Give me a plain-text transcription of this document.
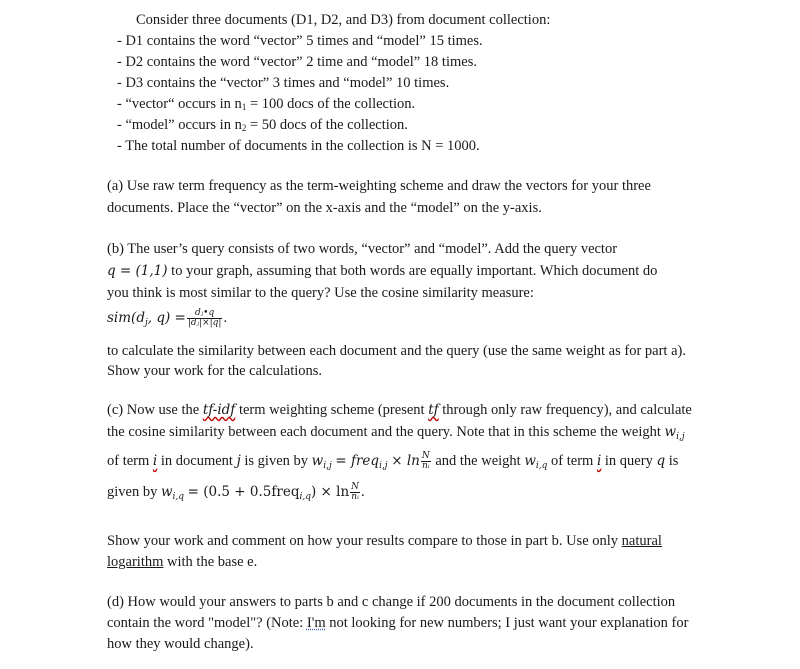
Consider three documents (D1, D2, and D3) from document collection:
- D1 contains the word “vector” 5 times and “model” 15 times.
- D2 contains the word “vector” 2 time and “model” 18 times.
- D3 contains the “vector” 3 times and “model” 10 times.
- “vector“ occurs in n1 = 100 docs of the collection.
- “model” occurs in n2 = 50 docs of the collection.
- The total number of documents in the collection is N = 1000.
(a) Use raw term frequency as the term-weighting scheme and draw the vectors for your three
documents. Place the “vector” on the x-axis and the “model” on the y-axis.
(b) The user’s query consists of two words, “vector” and “model”. Add the query vector
q = (1,1) to your graph, assuming that both words are equally important. Which document do
you think is most similar to the query? Use the cosine similarity measure:
$sim(d_j$, $q) = \frac{\text{dⱼ•q}}{\text{|dⱼ|×|q|}}$ .
to calculate the similarity between each document and the query (use the same weight as for part a).
Show your work for the calculations.
(c) Now use the tf-idf term weighting scheme (present tf through only raw frequency), and calculate
the cosine similarity between each document and the query. Note that in this scheme the weight $w_{i,j}$
of term i in document j is given by $w_{i,j}$ = freq$_{i,j}$ × $\ln \frac{N}{\text{nᵢ}}$ and the weight $w_{i,q}$ of term i in query q is
given by $w_{i,q} = (0.5$ + 0.5freq$_{i,q}$) × $\ln \frac{N}{\text{nᵢ}}$ .
Show your work and comment on how your results compare to those in part b. Use only natural
logarithm with the base e.
(d) How would your answers to parts b and c change if 200 documents in the document collection
contain the word "model"? (Note: I'm not looking for new numbers; I just want your explanation for
how they would change).
